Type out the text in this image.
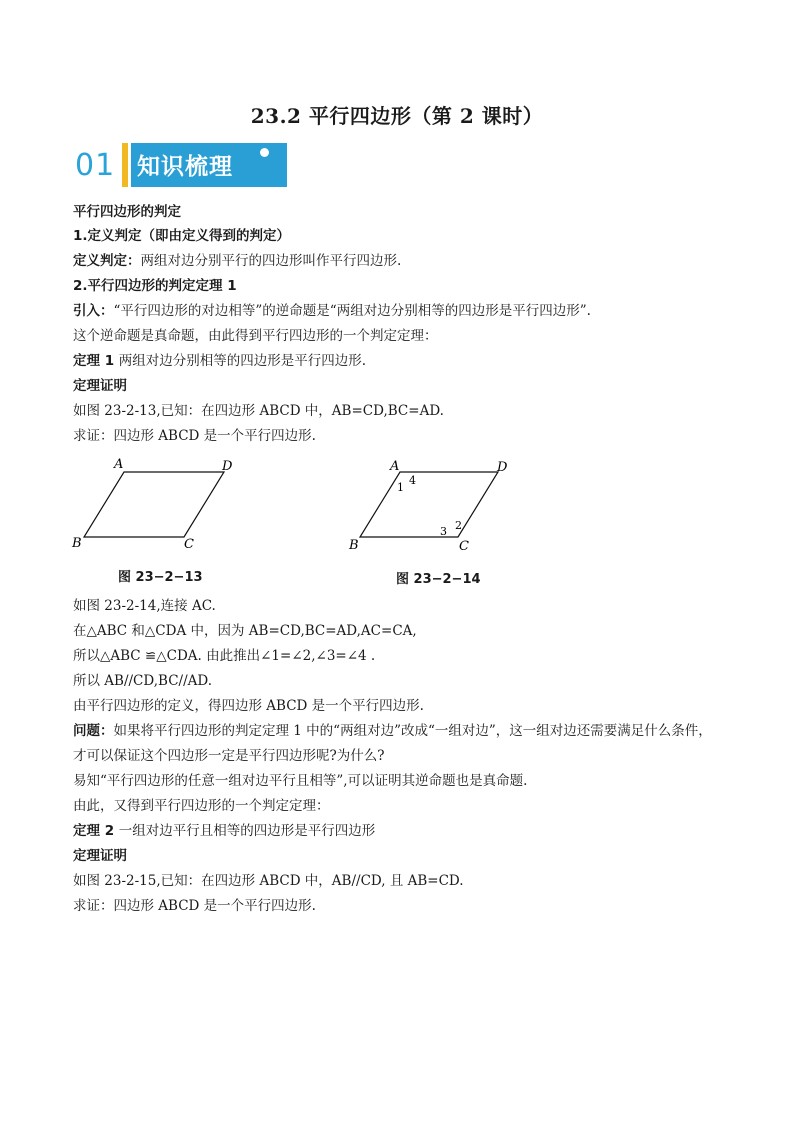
23.2 平行四边形（第 2 课时）
01 知识梳理
平行四边形的判定
1.定义判定（即由定义得到的判定）
定义判定：两组对边分别平行的四边形叫作平行四边形.
2.平行四边形的判定定理 1
引入：“平行四边形的对边相等”的逆命题是“两组对边分别相等的四边形是平行四边形”.
这个逆命题是真命题，由此得到平行四边形的一个判定定理：
定理 1 两组对边分别相等的四边形是平行四边形.
定理证明
如图 23-2-13,已知：在四边形 ABCD 中，AB=CD,BC=AD.
求证：四边形 ABCD 是一个平行四边形.
A	D
B	C
图 23−2−13
A	D
B	C
1
4
2
3
图 23−2−14
如图 23-2-14,连接 AC.
在△ABC 和△CDA 中，因为 AB=CD,BC=AD,AC=CA,
所以△ABC ≌△CDA. 由此推出∠1=∠2,∠3=∠4 .
所以 AB//CD,BC//AD.
由平行四边形的定义，得四边形 ABCD 是一个平行四边形.
问题：如果将平行四边形的判定定理 1 中的“两组对边”改成“一组对边”，这一组对边还需要满足什么条件，
才可以保证这个四边形一定是平行四边形呢?为什么?
易知“平行四边形的任意一组对边平行且相等”,可以证明其逆命题也是真命题.
由此，又得到平行四边形的一个判定定理：
定理 2 一组对边平行且相等的四边形是平行四边形
定理证明
如图 23-2-15,已知：在四边形 ABCD 中，AB//CD, 且 AB=CD.
求证：四边形 ABCD 是一个平行四边形.
